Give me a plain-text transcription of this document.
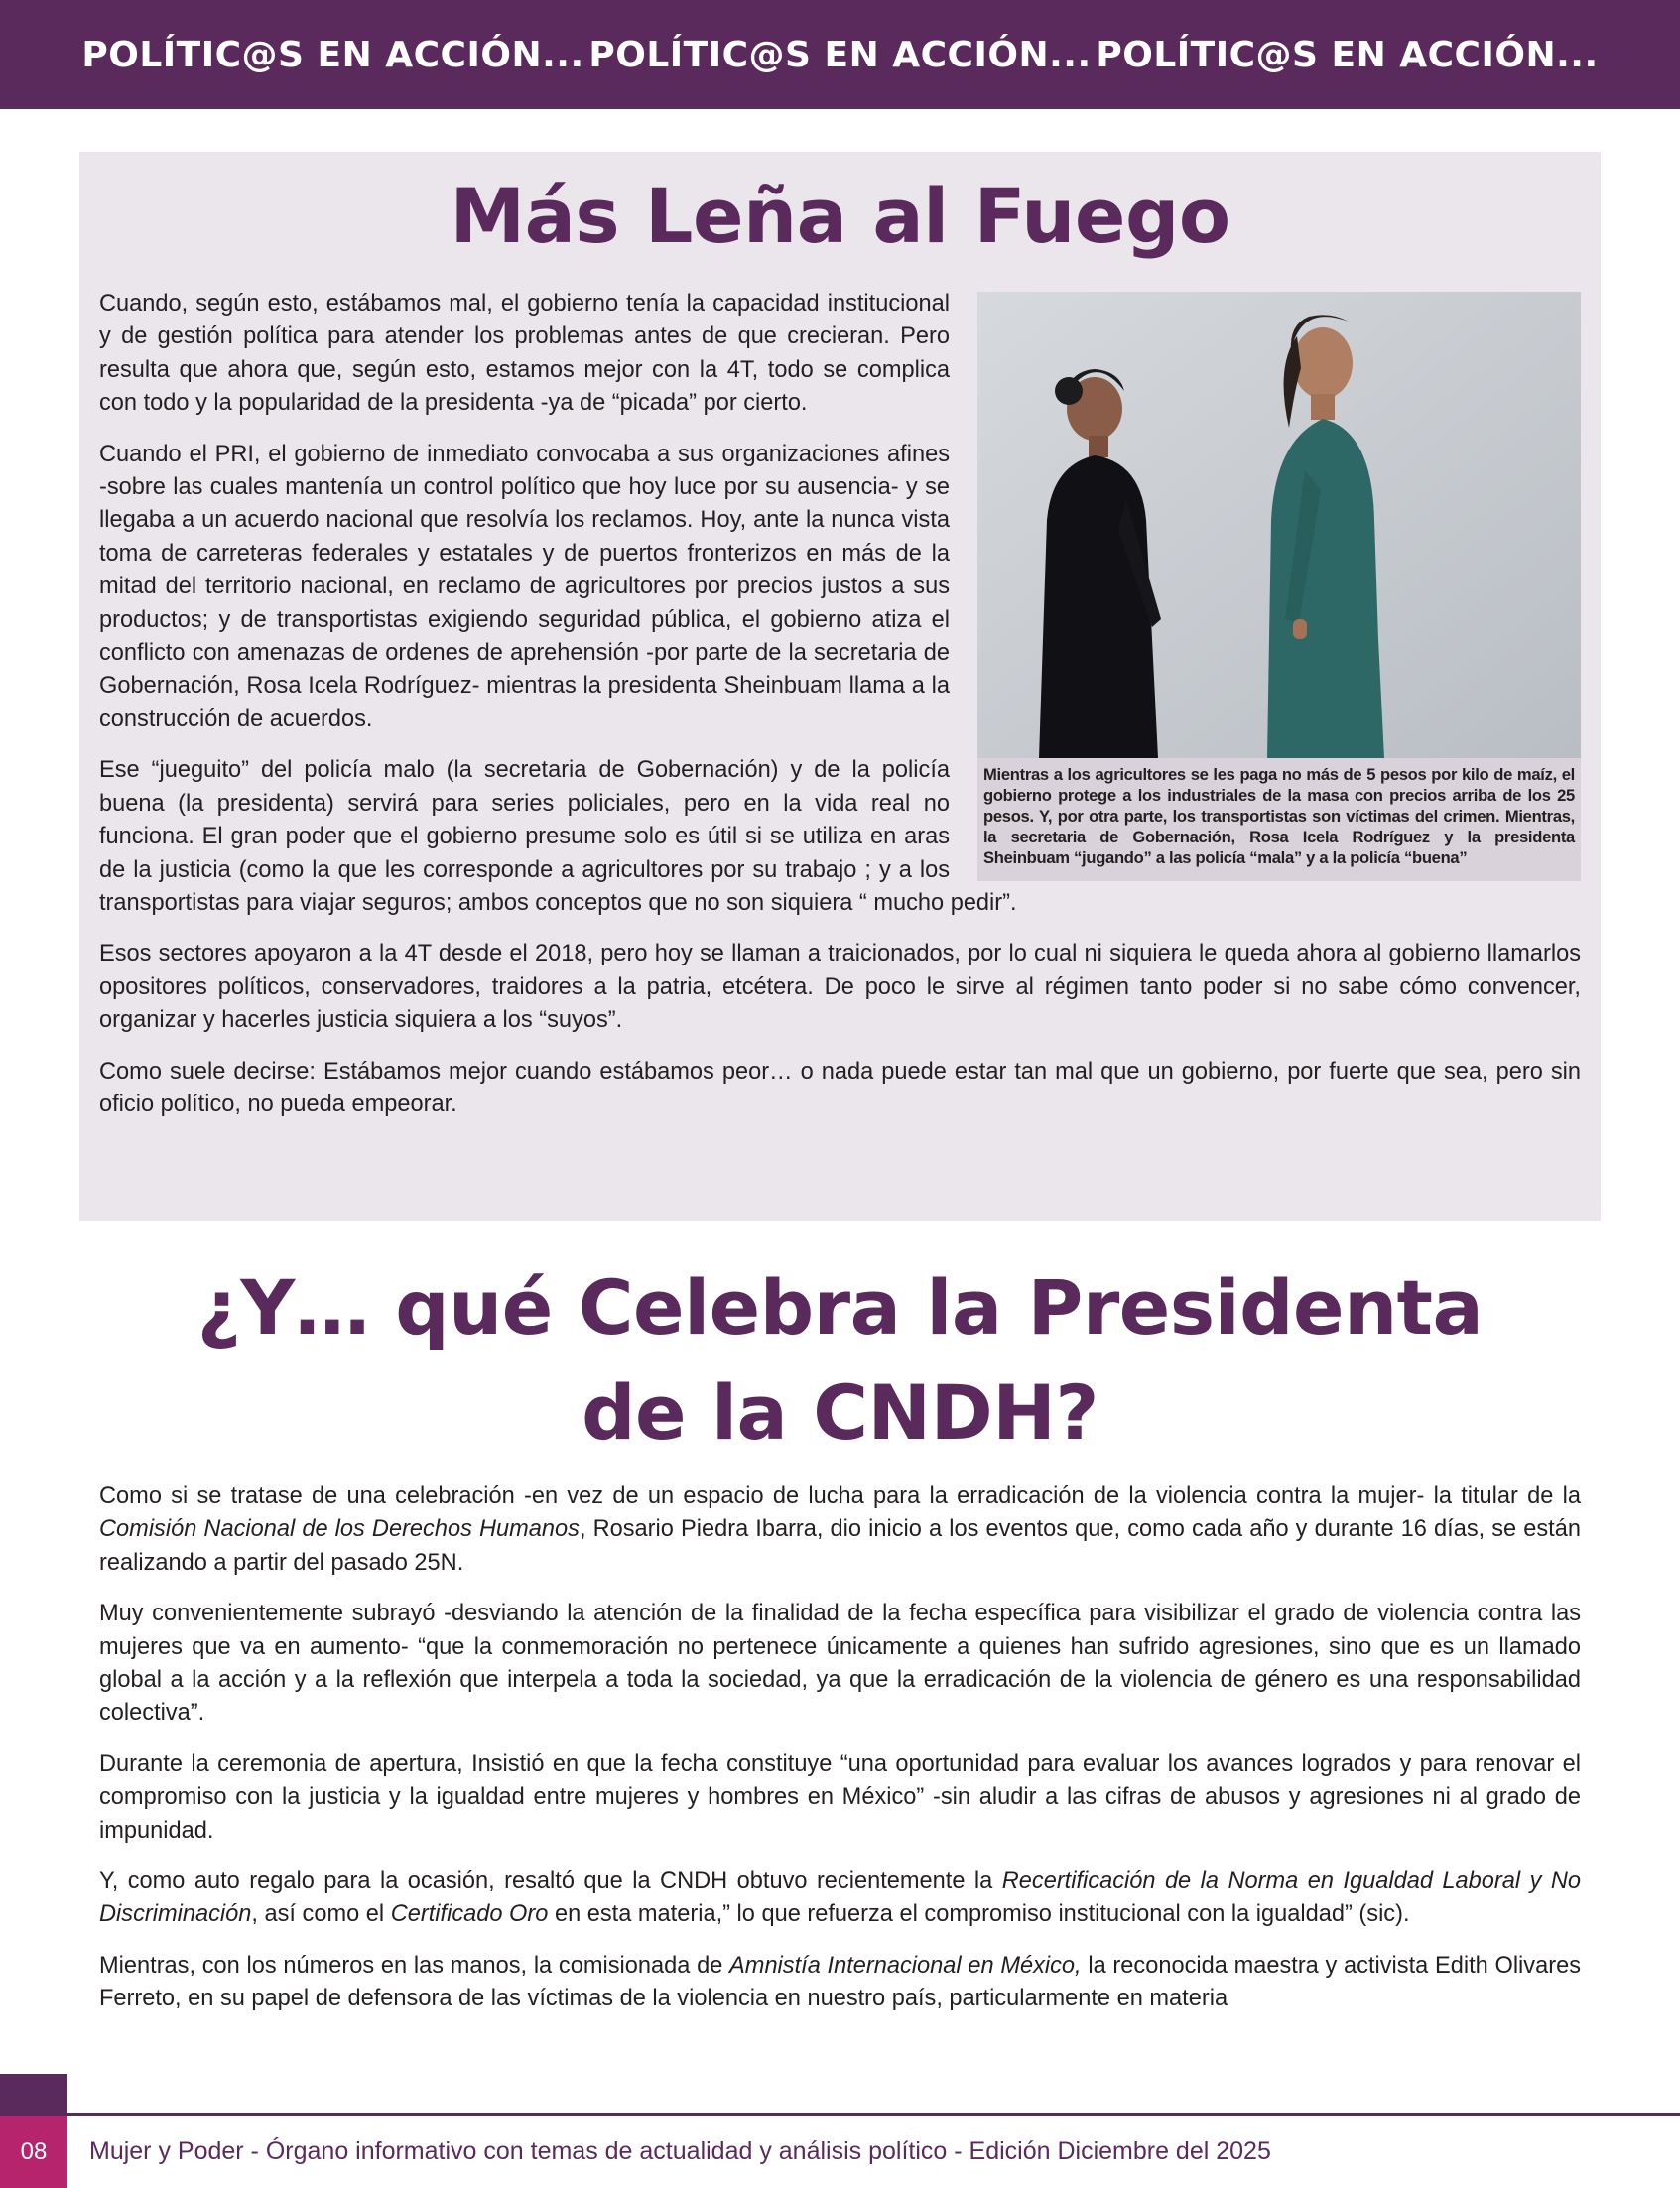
POLÍTIC@S EN ACCIÓN... POLÍTIC@S EN ACCIÓN... POLÍTIC@S EN ACCIÓN...
Más Leña al Fuego
Mientras a los agricultores se les paga no más de 5 pesos por kilo de maíz, el gobierno protege a los industriales de la masa con precios arriba de los 25 pesos. Y, por otra parte, los transportistas son víctimas del crimen. Mientras, la secretaria de Gobernación, Rosa Icela Rodríguez y la presidenta Sheinbuam “jugando” a las policía “mala” y a la policía “buena”

Cuando, según esto, estábamos mal, el gobierno tenía la capacidad institucional y de gestión política para atender los problemas antes de que crecieran. Pero resulta que ahora que, según esto, estamos mejor con la 4T, todo se complica con todo y la popularidad de la presidenta -ya de “picada” por cierto.

Cuando el PRI, el gobierno de inmediato convocaba a sus organizaciones afines -sobre las cuales mantenía un control político que hoy luce por su ausencia- y se llegaba a un acuerdo nacional que resolvía los reclamos. Hoy, ante la nunca vista toma de carreteras federales y estatales y de puertos fronterizos en más de la mitad del territorio nacional, en reclamo de agricultores por precios justos a sus productos; y de transportistas exigiendo seguridad pública, el gobierno atiza el conflicto con amenazas de ordenes de aprehensión -por parte de la secretaria de Gobernación, Rosa Icela Rodríguez- mientras la presidenta Sheinbuam llama a la construcción de acuerdos.

Ese “jueguito” del policía malo (la secretaria de Gobernación) y de la policía buena (la presidenta) servirá para series policiales, pero en la vida real no funciona. El gran poder que el gobierno presume solo es útil si se utiliza en aras de la justicia (como la que les corresponde a agricultores por su trabajo ; y a los transportistas para viajar seguros; ambos conceptos que no son siquiera “ mucho pedir”.

Esos sectores apoyaron a la 4T desde el 2018, pero hoy se llaman a traicionados, por lo cual ni siquiera le queda ahora al gobierno llamarlos opositores políticos, conservadores, traidores a la patria, etcétera. De poco le sirve al régimen tanto poder si no sabe cómo convencer, organizar y hacerles justicia siquiera a los “suyos”.

Como suele decirse: Estábamos mejor cuando estábamos peor… o nada puede estar tan mal que un gobierno, por fuerte que sea, pero sin oficio político, no pueda empeorar.

¿Y… qué Celebra la Presidenta
de la CNDH?

Como si se tratase de una celebración -en vez de un espacio de lucha para la erradicación de la violencia contra la mujer- la titular de la Comisión Nacional de los Derechos Humanos, Rosario Piedra Ibarra, dio inicio a los eventos que, como cada año y durante 16 días, se están realizando a partir del pasado 25N.

Muy convenientemente subrayó -desviando la atención de la finalidad de la fecha específica para visibilizar el grado de violencia contra las mujeres que va en aumento- “que la conmemoración no pertenece únicamente a quienes han sufrido agresiones, sino que es un llamado global a la acción y a la reflexión que interpela a toda la sociedad, ya que la erradicación de la violencia de género es una responsabilidad colectiva”.

Durante la ceremonia de apertura, Insistió en que la fecha constituye “una oportunidad para evaluar los avances logrados y para renovar el compromiso con la justicia y la igualdad entre mujeres y hombres en México” -sin aludir a las cifras de abusos y agresiones ni al grado de impunidad.

Y, como auto regalo para la ocasión, resaltó que la CNDH obtuvo recientemente la Recertificación de la Norma en Igualdad Laboral y No Discriminación, así como el Certificado Oro en esta materia,” lo que refuerza el compromiso institucional con la igualdad” (sic).

Mientras, con los números en las manos, la comisionada de Amnistía Internacional en México, la reconocida maestra y activista Edith Olivares Ferreto, en su papel de defensora de las víctimas de la violencia en nuestro país, particularmente en materia

08	Mujer y Poder - Órgano informativo con temas de actualidad y análisis político - Edición Diciembre del 2025
